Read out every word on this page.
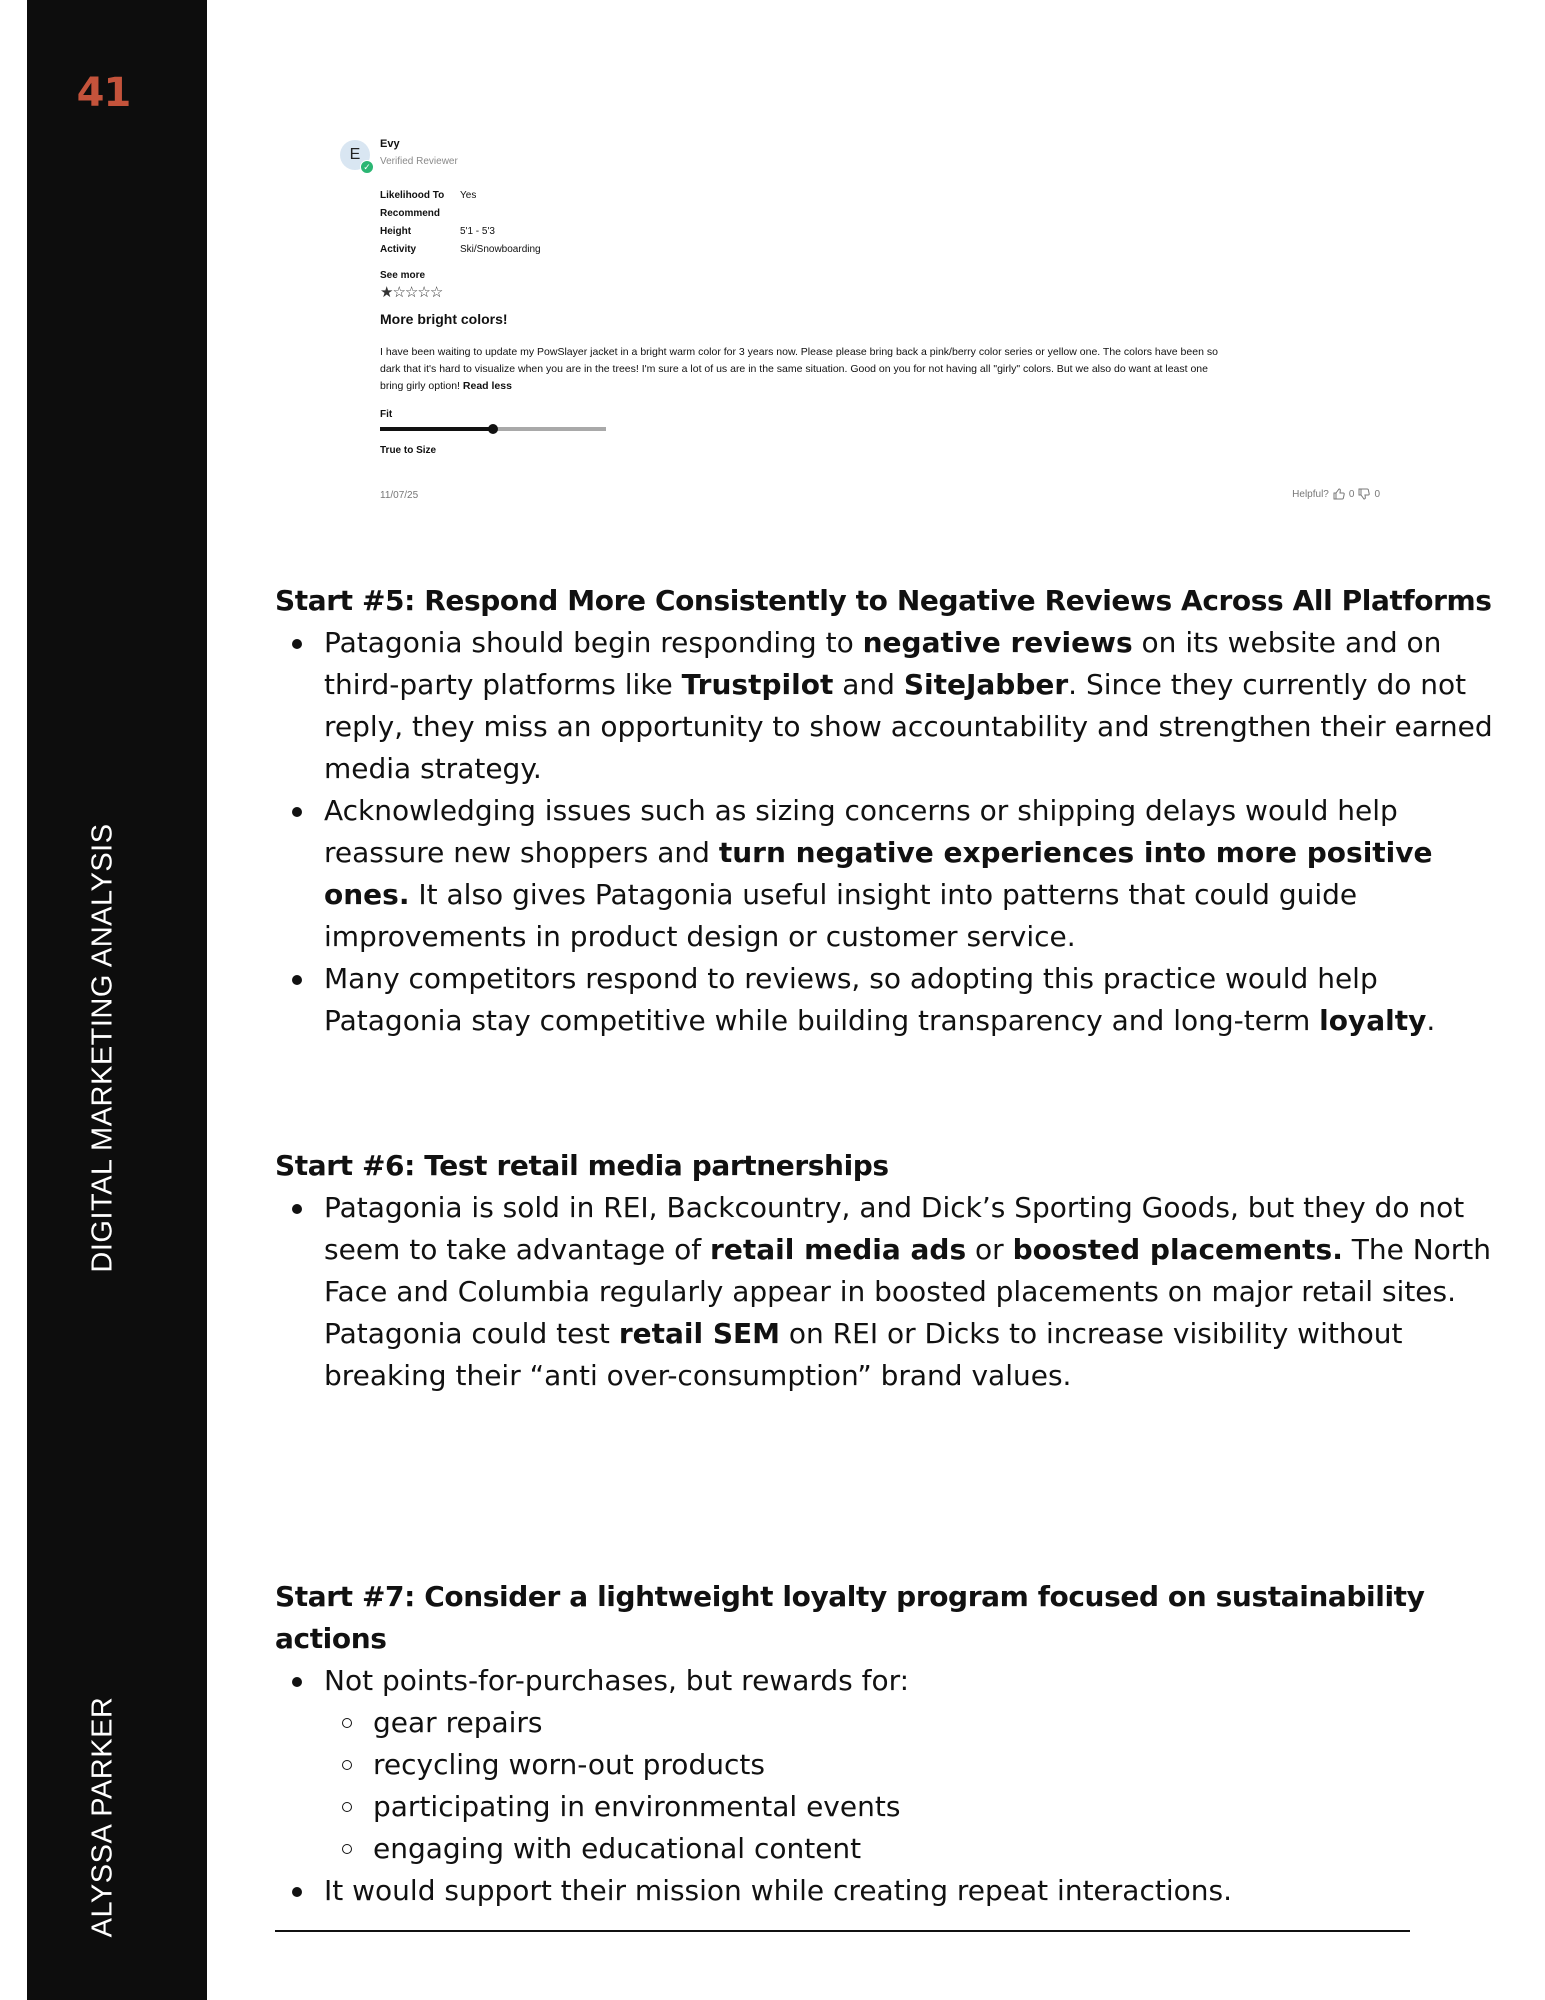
41
DIGITAL MARKETING ANALYSIS
ALYSSA PARKER
E
✓
Evy
Verified Reviewer
Likelihood To	Yes
Recommend
Height	5'1 - 5'3
Activity	Ski/Snowboarding
See more
★☆☆☆☆
More bright colors!
I have been waiting to update my PowSlayer jacket in a bright warm color for 3 years now. Please please bring back a pink/berry color series or yellow one. The colors have been so
dark that it's hard to visualize when you are in the trees! I'm sure a lot of us are in the same situation. Good on you for not having all "girly" colors. But we also do want at least one
bring girly option! Read less
Fit
True to Size
11/07/25	Helpful? 0 0

Start #5: Respond More Consistently to Negative Reviews Across All Platforms

Patagonia should begin responding to negative reviews on its website and on third-party platforms like Trustpilot and SiteJabber. Since they currently do not reply, they miss an opportunity to show accountability and strengthen their earned media strategy.
Acknowledging issues such as sizing concerns or shipping delays would help reassure new shoppers and turn negative experiences into more positive ones. It also gives Patagonia useful insight into patterns that could guide improvements in product design or customer service.
Many competitors respond to reviews, so adopting this practice would help Patagonia stay competitive while building transparency and long-term loyalty.

Start #6: Test retail media partnerships

Patagonia is sold in REI, Backcountry, and Dick’s Sporting Goods, but they do not seem to take advantage of retail media ads or boosted placements. The North Face and Columbia regularly appear in boosted placements on major retail sites. Patagonia could test retail SEM on REI or Dicks to increase visibility without breaking their “anti over-consumption” brand values.

Start #7: Consider a lightweight loyalty program focused on sustainability actions

Not points-for-purchases, but rewards for:
gear repairs
recycling worn-out products
participating in environmental events
engaging with educational content
It would support their mission while creating repeat interactions.
